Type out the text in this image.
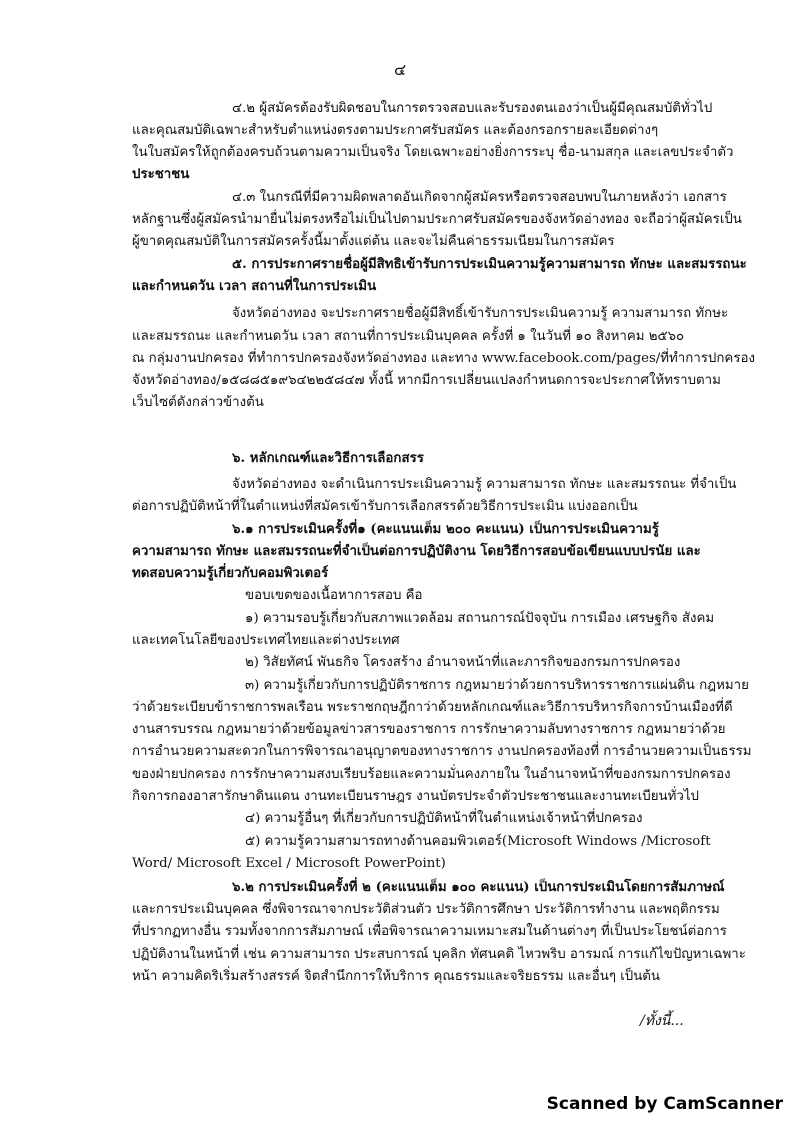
๔
๔.๒ ผู้สมัครต้องรับผิดชอบในการตรวจสอบและรับรองตนเองว่าเป็นผู้มีคุณสมบัติทั่วไป
และคุณสมบัติเฉพาะสำหรับตำแหน่งตรงตามประกาศรับสมัคร และต้องกรอกรายละเอียดต่างๆ
ในใบสมัครให้ถูกต้องครบถ้วนตามความเป็นจริง โดยเฉพาะอย่างยิ่งการระบุ ชื่อ-นามสกุล และเลขประจำตัว
ประชาชน
๔.๓ ในกรณีที่มีความผิดพลาดอันเกิดจากผู้สมัครหรือตรวจสอบพบในภายหลังว่า เอกสาร
หลักฐานซึ่งผู้สมัครนำมายื่นไม่ตรงหรือไม่เป็นไปตามประกาศรับสมัครของจังหวัดอ่างทอง จะถือว่าผู้สมัครเป็น
ผู้ขาดคุณสมบัติในการสมัครครั้งนี้มาตั้งแต่ต้น และจะไม่คืนค่าธรรมเนียมในการสมัคร
๕. การประกาศรายชื่อผู้มีสิทธิเข้ารับการประเมินความรู้ความสามารถ ทักษะ และสมรรถนะ
และกำหนดวัน เวลา สถานที่ในการประเมิน
จังหวัดอ่างทอง จะประกาศรายชื่อผู้มีสิทธิ์เข้ารับการประเมินความรู้ ความสามารถ ทักษะ
และสมรรถนะ และกำหนดวัน เวลา สถานที่การประเมินบุคคล ครั้งที่ ๑ ในวันที่ ๑๐ สิงหาคม ๒๕๖๐
ณ กลุ่มงานปกครอง ที่ทำการปกครองจังหวัดอ่างทอง และทาง www.facebook.com/pages/ที่ทำการปกครอง
จังหวัดอ่างทอง/๑๕๘๘๕๑๙๖๔๒๒๕๘๔๗ ทั้งนี้ หากมีการเปลี่ยนแปลงกำหนดการจะประกาศให้ทราบตาม
เว็บไซต์ดังกล่าวข้างต้น
๖. หลักเกณฑ์และวิธีการเลือกสรร
จังหวัดอ่างทอง จะดำเนินการประเมินความรู้ ความสามารถ ทักษะ และสมรรถนะ ที่จำเป็น
ต่อการปฏิบัติหน้าที่ในตำแหน่งที่สมัครเข้ารับการเลือกสรรด้วยวิธีการประเมิน แบ่งออกเป็น
๖.๑ การประเมินครั้งที่๑ (คะแนนเต็ม ๒๐๐ คะแนน) เป็นการประเมินความรู้
ความสามารถ ทักษะ และสมรรถนะที่จำเป็นต่อการปฏิบัติงาน โดยวิธีการสอบข้อเขียนแบบปรนัย และ
ทดสอบความรู้เกี่ยวกับคอมพิวเตอร์
ขอบเขตของเนื้อหาการสอบ คือ
๑) ความรอบรู้เกี่ยวกับสภาพแวดล้อม สถานการณ์ปัจจุบัน การเมือง เศรษฐกิจ สังคม
และเทคโนโลยีของประเทศไทยและต่างประเทศ
๒) วิสัยทัศน์ พันธกิจ โครงสร้าง อำนาจหน้าที่และภารกิจของกรมการปกครอง
๓) ความรู้เกี่ยวกับการปฏิบัติราชการ กฎหมายว่าด้วยการบริหารราชการแผ่นดิน กฎหมาย
ว่าด้วยระเบียบข้าราชการพลเรือน พระราชกฤษฎีกาว่าด้วยหลักเกณฑ์และวิธีการบริหารกิจการบ้านเมืองที่ดี
งานสารบรรณ กฎหมายว่าด้วยข้อมูลข่าวสารของราชการ การรักษาความลับทางราชการ กฎหมายว่าด้วย
การอำนวยความสะดวกในการพิจารณาอนุญาตของทางราชการ งานปกครองท้องที่ การอำนวยความเป็นธรรม
ของฝ่ายปกครอง การรักษาความสงบเรียบร้อยและความมั่นคงภายใน ในอำนาจหน้าที่ของกรมการปกครอง
กิจการกองอาสารักษาดินแดน งานทะเบียนราษฎร งานบัตรประจำตัวประชาชนและงานทะเบียนทั่วไป
๔) ความรู้อื่นๆ ที่เกี่ยวกับการปฏิบัติหน้าที่ในตำแหน่งเจ้าหน้าที่ปกครอง
๕) ความรู้ความสามารถทางด้านคอมพิวเตอร์(Microsoft Windows /Microsoft
Word/ Microsoft Excel / Microsoft PowerPoint)
๖.๒ การประเมินครั้งที่ ๒ (คะแนนเต็ม ๑๐๐ คะแนน) เป็นการประเมินโดยการสัมภาษณ์
และการประเมินบุคคล ซึ่งพิจารณาจากประวัติส่วนตัว ประวัติการศึกษา ประวัติการทำงาน และพฤติกรรม
ที่ปรากฏทางอื่น รวมทั้งจากการสัมภาษณ์ เพื่อพิจารณาความเหมาะสมในด้านต่างๆ ที่เป็นประโยชน์ต่อการ
ปฏิบัติงานในหน้าที่ เช่น ความสามารถ ประสบการณ์ บุคลิก ทัศนคติ ไหวพริบ อารมณ์ การแก้ไขปัญหาเฉพาะ
หน้า ความคิดริเริ่มสร้างสรรค์ จิตสำนึกการให้บริการ คุณธรรมและจริยธรรม และอื่นๆ เป็นต้น
/ทั้งนี้...
Scanned by CamScanner
